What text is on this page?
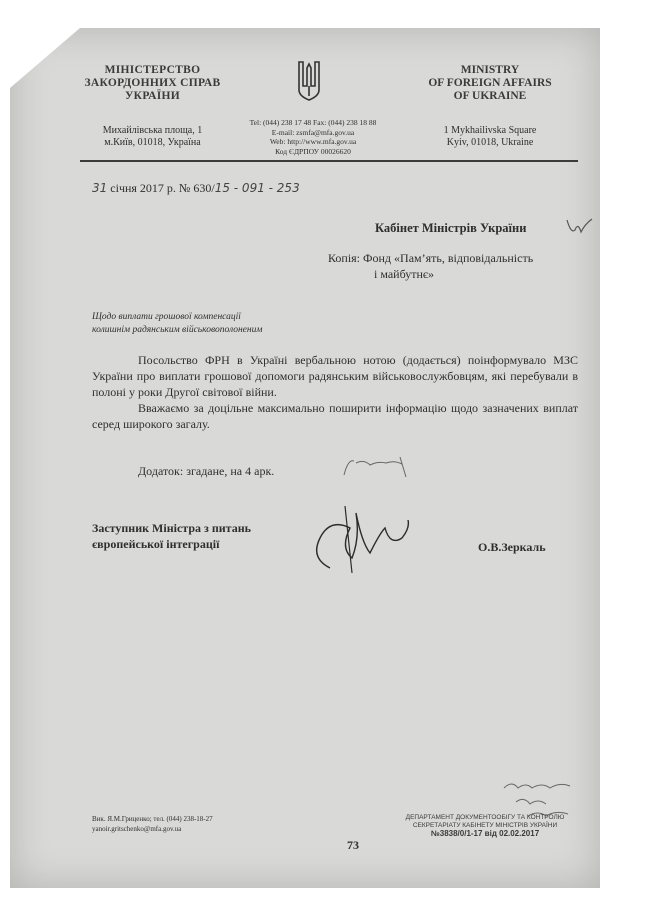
МІНІСТЕРСТВО
ЗАКОРДОННИХ СПРАВ
УКРАЇНИ
Михайлівська площа, 1
м.Київ, 01018, Україна
Tel: (044) 238 17 48 Fax: (044) 238 18 88
E-mail: zsmfa@mfa.gov.ua
Web: http://www.mfa.gov.ua
Код ЄДРПОУ 00026620
MINISTRY
OF FOREIGN AFFAIRS
OF UKRAINE
1 Mykhailivska Square
Kyiv, 01018, Ukraine
31 січня 2017 р. № 630/15 - 091 - 253
Кабінет Міністрів України
Копія: Фонд «Пам’ять, відповідальність
і майбутнє»
Щодо виплати грошової компенсації
колишнім радянським військовополоненим

Посольство ФРН в Україні вербальною нотою (додається) поінформувало МЗС України про виплати грошової допомоги радянським військовослужбовцям, які перебували в полоні у роки Другої світової війни.

Вважаємо за доцільне максимально поширити інформацію щодо зазначених виплат серед широкого загалу.

Додаток: згадане, на 4 арк.
Заступник Міністра з питань
європейської інтеграції	О.В.Зеркаль
Вик. Я.М.Гриценко; тел. (044) 238-18-27
yanoir.gritschenko@mfa.gov.ua
73
ДЕПАРТАМЕНТ ДОКУМЕНТООБІГУ ТА КОНТРОЛЮ
СЕКРЕТАРІАТУ КАБІНЕТУ МІНІСТРІВ УКРАЇНИ
№3838/0/1-17 від 02.02.2017
